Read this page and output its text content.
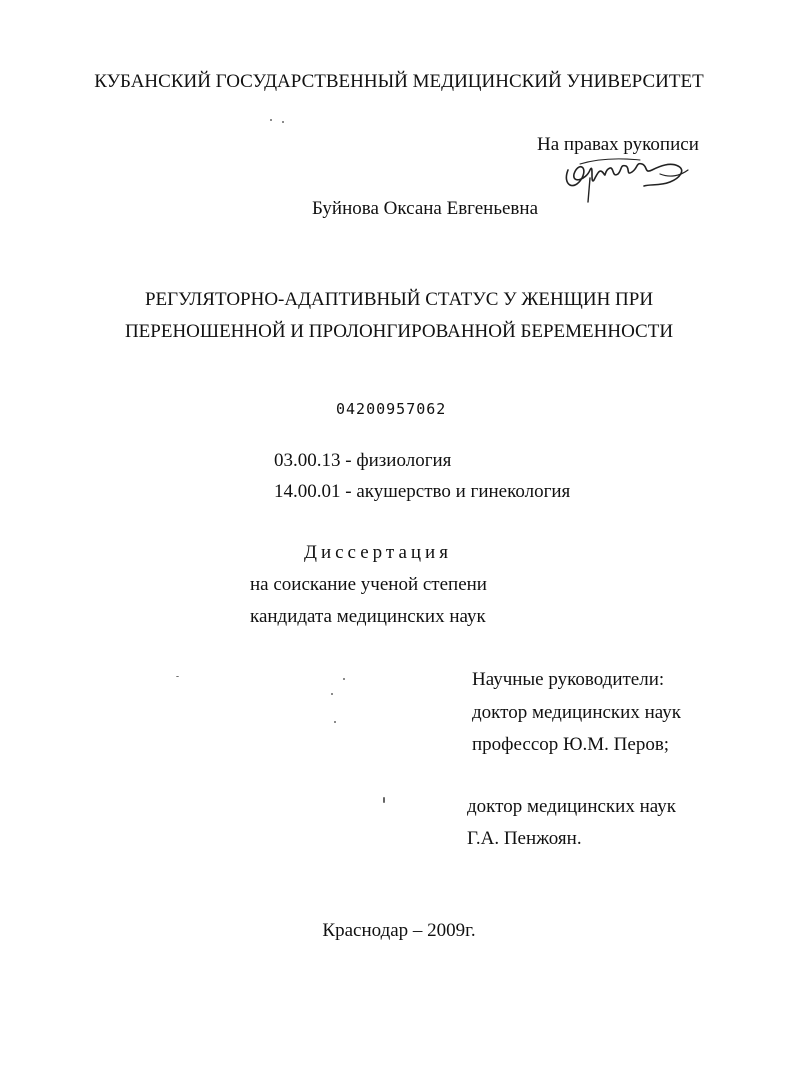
КУБАНСКИЙ ГОСУДАРСТВЕННЫЙ МЕДИЦИНСКИЙ УНИВЕРСИТЕТ
На правах рукописи
Буйнова Оксана Евгеньевна
РЕГУЛЯТОРНО-АДАПТИВНЫЙ СТАТУС У ЖЕНЩИН ПРИ
ПЕРЕНОШЕННОЙ И ПРОЛОНГИРОВАННОЙ БЕРЕМЕННОСТИ
04200957062
03.00.13 - физиология
14.00.01 - акушерство и гинекология
Диссертация
на соискание ученой степени
кандидата медицинских наук
Научные руководители:
доктор медицинских наук
профессор Ю.М. Перов;
доктор медицинских наук
Г.А. Пенжоян.
Краснодар – 2009г.
